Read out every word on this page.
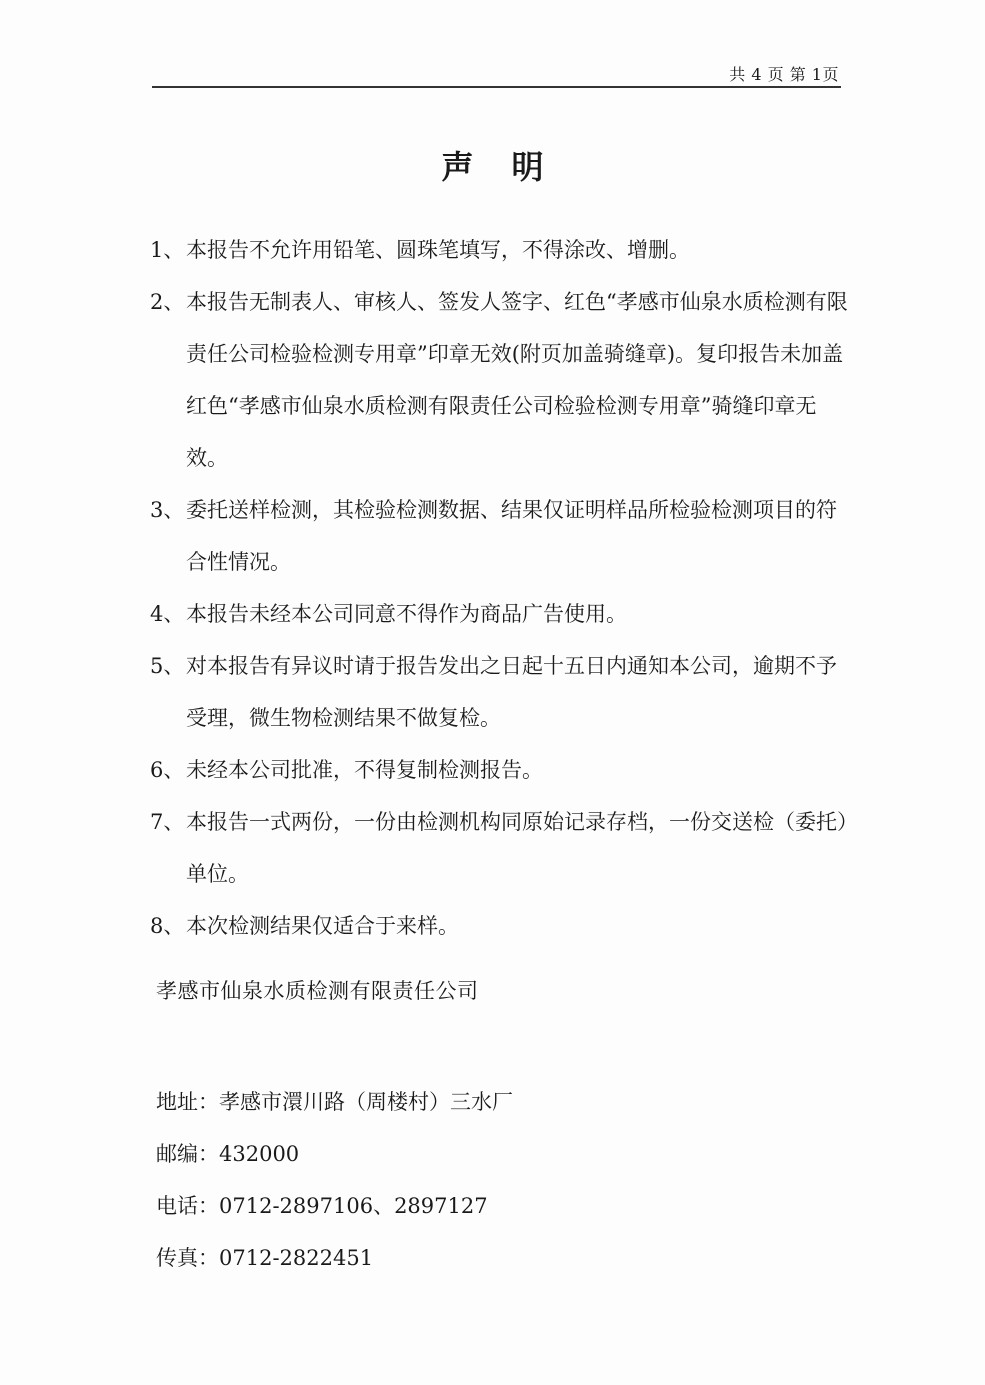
共 4 页 第 1页
声明
1、 本报告不允许用铅笔、圆珠笔填写，不得涂改、增删。
2、 本报告无制表人、审核人、签发人签字、红色“孝感市仙泉水质检测有限责任公司检验检测专用章”印章无效(附页加盖骑缝章)。复印报告未加盖红色“孝感市仙泉水质检测有限责任公司检验检测专用章”骑缝印章无效。
3、 委托送样检测，其检验检测数据、结果仅证明样品所检验检测项目的符合性情况。
4、 本报告未经本公司同意不得作为商品广告使用。
5、 对本报告有异议时请于报告发出之日起十五日内通知本公司，逾期不予受理，微生物检测结果不做复检。
6、 未经本公司批准，不得复制检测报告。
7、 本报告一式两份，一份由检测机构同原始记录存档，一份交送检（委托）单位。
8、 本次检测结果仅适合于来样。
孝感市仙泉水质检测有限责任公司
地址：孝感市澴川路（周楼村）三水厂
邮编：432000
电话：0712-2897106、2897127
传真：0712-2822451
